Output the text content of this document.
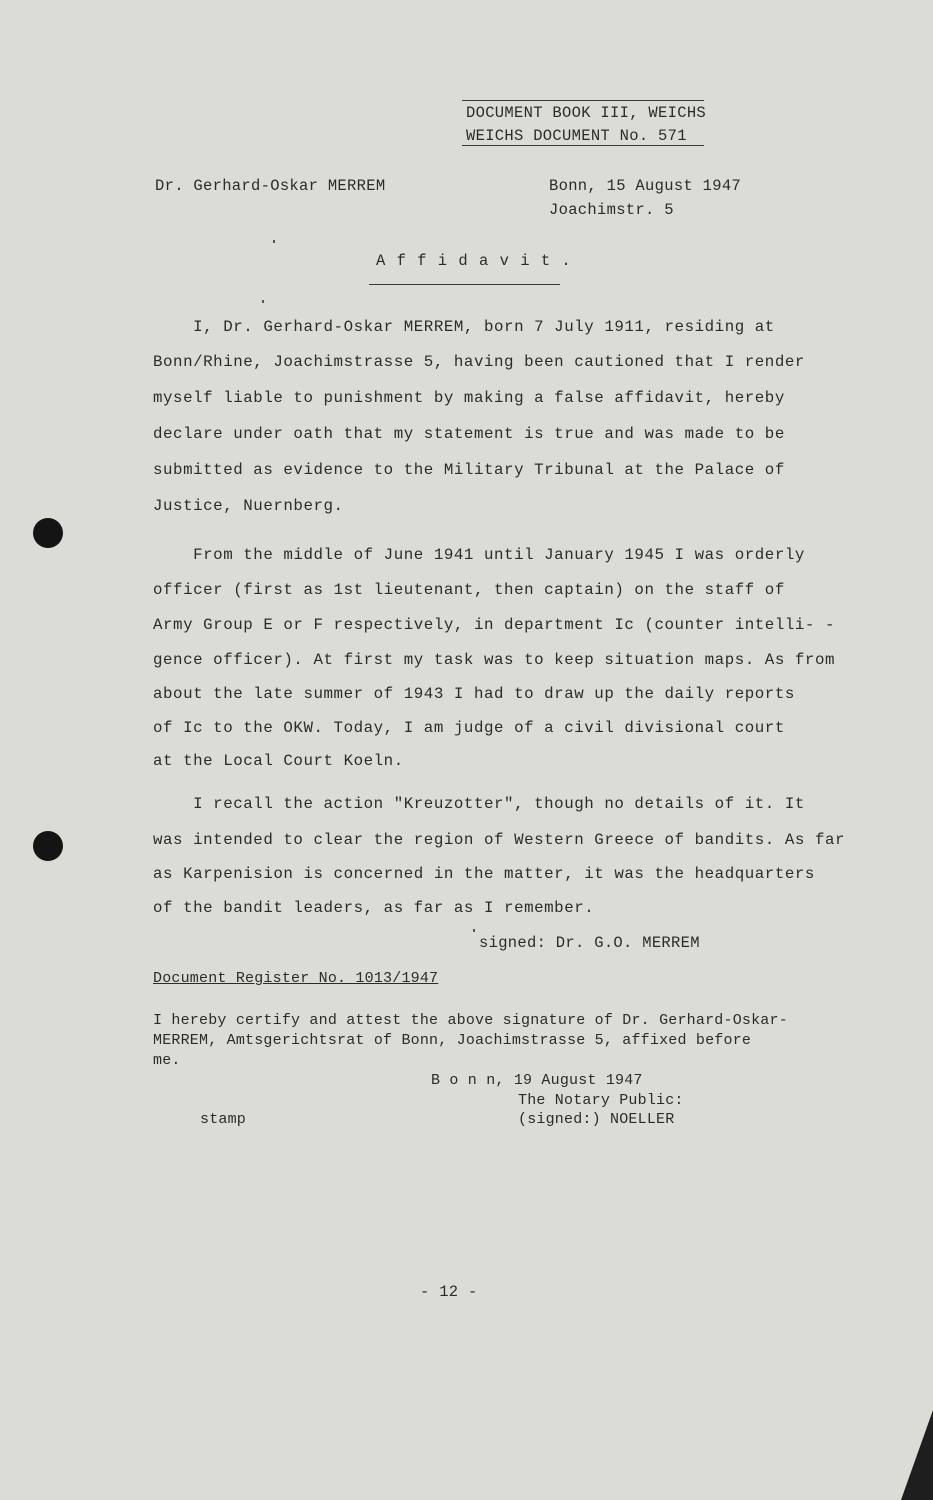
DOCUMENT BOOK III, WEICHS
WEICHS DOCUMENT No. 571
Dr. Gerhard-Oskar MERREM	Bonn, 15 August 1947
Joachimstr. 5
A f f i d a v i t .
I, Dr. Gerhard-Oskar MERREM, born 7 July 1911, residing at
Bonn/Rhine, Joachimstrasse 5, having been cautioned that I render
myself liable to punishment by making a false affidavit, hereby
declare under oath that my statement is true and was made to be
submitted as evidence to the Military Tribunal at the Palace of
Justice, Nuernberg.
From the middle of June 1941 until January 1945 I was orderly
officer (first as 1st lieutenant, then captain) on the staff of
Army Group E or F respectively, in department Ic (counter intelli- -
gence officer). At first my task was to keep situation maps. As from
about the late summer of 1943 I had to draw up the daily reports
of Ic to the OKW. Today, I am judge of a civil divisional court
at the Local Court Koeln.
I recall the action "Kreuzotter", though no details of it. It
was intended to clear the region of Western Greece of bandits. As far
as Karpenision is concerned in the matter, it was the headquarters
of the bandit leaders, as far as I remember.
signed: Dr. G.O. MERREM
Document Register No. 1013/1947
I hereby certify and attest the above signature of Dr. Gerhard-Oskar-
MERREM, Amtsgerichtsrat of Bonn, Joachimstrasse 5, affixed before
me.
B o n n, 19 August 1947
The Notary Public:
(signed:) NOELLER
stamp
- 12 -
